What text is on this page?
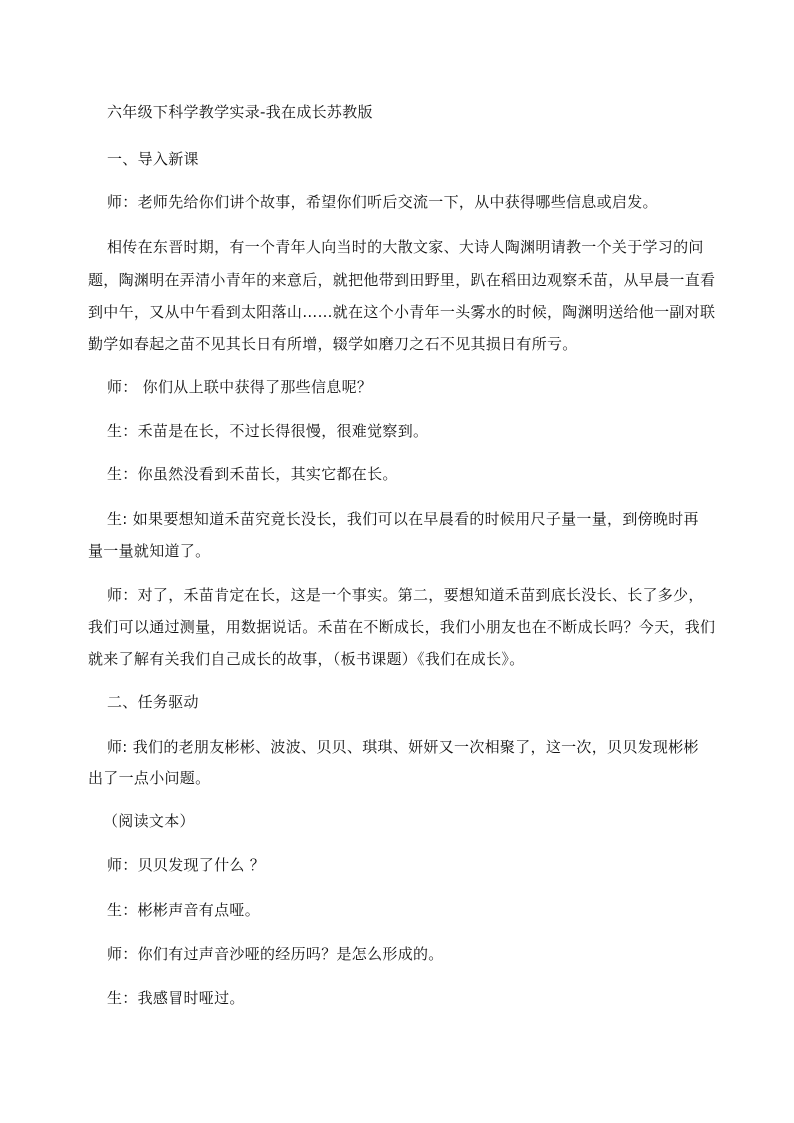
六年级下科学教学实录-我在成长苏教版
一、导入新课
师：老师先给你们讲个故事，希望你们听后交流一下，从中获得哪些信息或启发。
相传在东晋时期，有一个青年人向当时的大散文家、大诗人陶渊明请教一个关于学习的问
题，陶渊明在弄清小青年的来意后，就把他带到田野里，趴在稻田边观察禾苗，从早晨一直看
到中午，又从中午看到太阳落山……就在这个小青年一头雾水的时候，陶渊明送给他一副对联
勤学如春起之苗不见其长日有所增，辍学如磨刀之石不见其损日有所亏。
师： 你们从上联中获得了那些信息呢？
生：禾苗是在长，不过长得很慢，很难觉察到。
生：你虽然没看到禾苗长，其实它都在长。
生: 如果要想知道禾苗究竟长没长，我们可以在早晨看的时候用尺子量一量，到傍晚时再
量一量就知道了。
师：对了，禾苗肯定在长，这是一个事实。第二，要想知道禾苗到底长没长、长了多少，
我们可以通过测量，用数据说话。禾苗在不断成长，我们小朋友也在不断成长吗？今天，我们
就来了解有关我们自己成长的故事，（板书课题）《我们在成长》。
二、任务驱动
师: 我们的老朋友彬彬、波波、贝贝、琪琪、妍妍又一次相聚了，这一次，贝贝发现彬彬
出了一点小问题。
（阅读文本）
师：贝贝发现了什么 ？
生：彬彬声音有点哑。
师：你们有过声音沙哑的经历吗？是怎么形成的。
生：我感冒时哑过。
